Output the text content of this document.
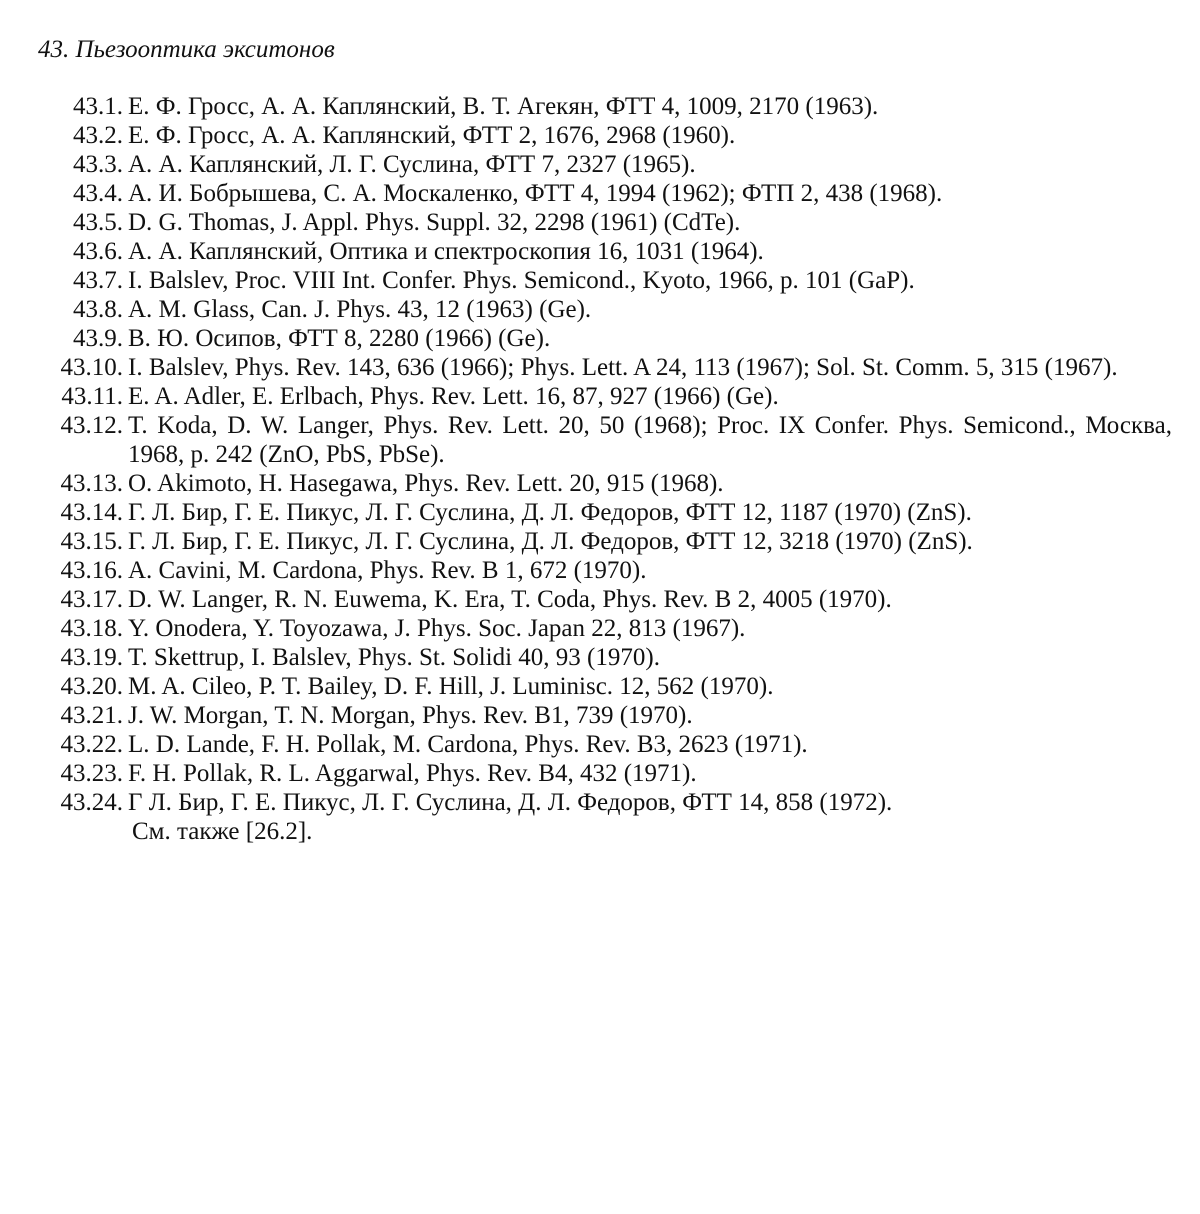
43. Пьезооптика экситонов
43.1. Е. Ф. Гросс, А. А. Каплянский, В. Т. Агекян, ФТТ 4, 1009, 2170 (1963).
43.2. Е. Ф. Гросс, А. А. Каплянский, ФТТ 2, 1676, 2968 (1960).
43.3. А. А. Каплянский, Л. Г. Суслина, ФТТ 7, 2327 (1965).
43.4. А. И. Бобрышева, С. А. Москаленко, ФТТ 4, 1994 (1962); ФТП 2, 438 (1968).
43.5. D. G. Thomas, J. Appl. Phys. Suppl. 32, 2298 (1961) (CdTe).
43.6. А. А. Каплянский, Оптика и спектроскопия 16, 1031 (1964).
43.7. I. Balslev, Proc. VIII Int. Confer. Phys. Semicond., Kyoto, 1966, p. 101 (GaP).
43.8. A. M. Glass, Can. J. Phys. 43, 12 (1963) (Ge).
43.9. В. Ю. Осипов, ФТТ 8, 2280 (1966) (Ge).
43.10. I. Balslev, Phys. Rev. 143, 636 (1966); Phys. Lett. A 24, 113 (1967); Sol. St. Comm. 5, 315 (1967).
43.11. E. A. Adler, E. Erlbach, Phys. Rev. Lett. 16, 87, 927 (1966) (Ge).
43.12. T. Koda, D. W. Langer, Phys. Rev. Lett. 20, 50 (1968); Proc. IX Confer. Phys. Semicond., Москва, 1968, p. 242 (ZnO, PbS, PbSe).
43.13. O. Akimoto, H. Hasegawa, Phys. Rev. Lett. 20, 915 (1968).
43.14. Г. Л. Бир, Г. Е. Пикус, Л. Г. Суслина, Д. Л. Федоров, ФТТ 12, 1187 (1970) (ZnS).
43.15. Г. Л. Бир, Г. Е. Пикус, Л. Г. Суслина, Д. Л. Федоров, ФТТ 12, 3218 (1970) (ZnS).
43.16. A. Cavini, M. Cardona, Phys. Rev. B 1, 672 (1970).
43.17. D. W. Langer, R. N. Euwema, K. Era, T. Coda, Phys. Rev. B 2, 4005 (1970).
43.18. Y. Onodera, Y. Toyozawa, J. Phys. Soc. Japan 22, 813 (1967).
43.19. T. Skettrup, I. Balslev, Phys. St. Solidi 40, 93 (1970).
43.20. M. A. Cileo, P. T. Bailey, D. F. Hill, J. Luminisc. 12, 562 (1970).
43.21. J. W. Morgan, T. N. Morgan, Phys. Rev. B1, 739 (1970).
43.22. L. D. Lande, F. H. Pollak, M. Cardona, Phys. Rev. B3, 2623 (1971).
43.23. F. H. Pollak, R. L. Aggarwal, Phys. Rev. B4, 432 (1971).
43.24. Г Л. Бир, Г. Е. Пикус, Л. Г. Суслина, Д. Л. Федоров, ФТТ 14, 858 (1972).
См. также [26.2].
